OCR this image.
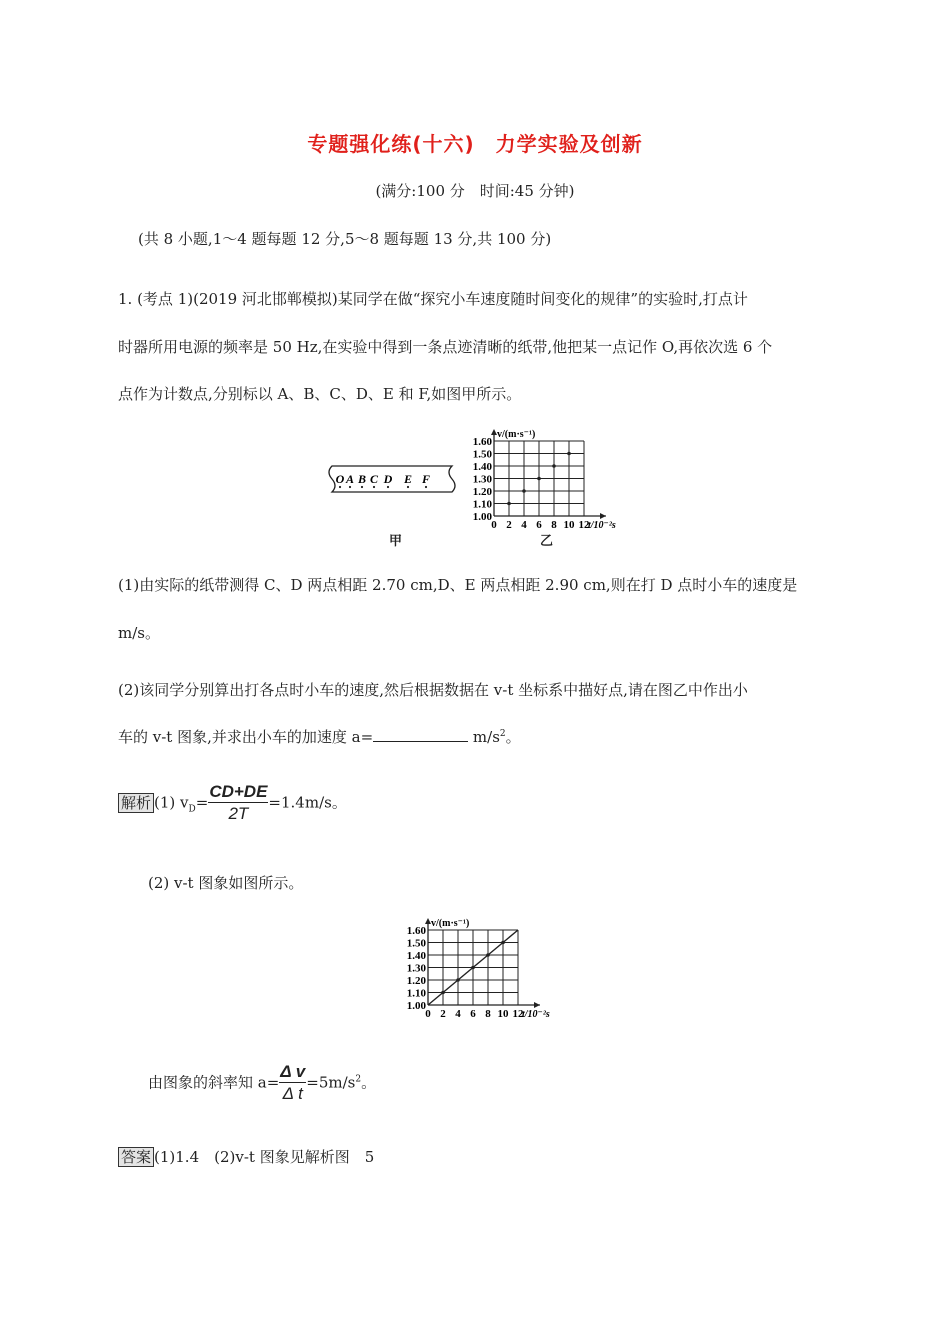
专题强化练(十六)　力学实验及创新
(满分:100 分　时间:45 分钟)
(共 8 小题,1～4 题每题 12 分,5～8 题每题 13 分,共 100 分)
1. (考点 1)(2019 河北邯郸模拟)某同学在做“探究小车速度随时间变化的规律”的实验时,打点计
时器所用电源的频率是 50 Hz,在实验中得到一条点迹清晰的纸带,他把某一点记作 O,再依次选 6 个
点作为计数点,分别标以 A、B、C、D、E 和 F,如图甲所示。
O A B C D E F
甲
1.00
1.10
1.20
1.30
1.40
1.50
1.60
0 2 4 6 8 10 12
t/10⁻²s
v/(m·s⁻¹)
乙
(1)由实际的纸带测得 C、D 两点相距 2.70 cm,D、E 两点相距 2.90 cm,则在打 D 点时小车的速度是
m/s。
(2)该同学分别算出打各点时小车的速度,然后根据数据在 v-t 坐标系中描好点,请在图乙中作出小
车的 v-t 图象,并求出小车的加速度 a=	$m/s^2$。
解析 (1) $v_D= \frac{CD+DE}{2T} =1.4m/s$。
(2) v-t 图象如图所示。
1.00
1.10
1.20
1.30
1.40
1.50
1.60
0 2 4 6 8 10 12
t/10⁻²s
v/(m·s⁻¹)
由图象的斜率知 $a= \frac{\text{Δ v}}{\text{Δ t}} =5m/s^2$。
答案 (1)1.4　(2)v-t 图象见解析图　5
